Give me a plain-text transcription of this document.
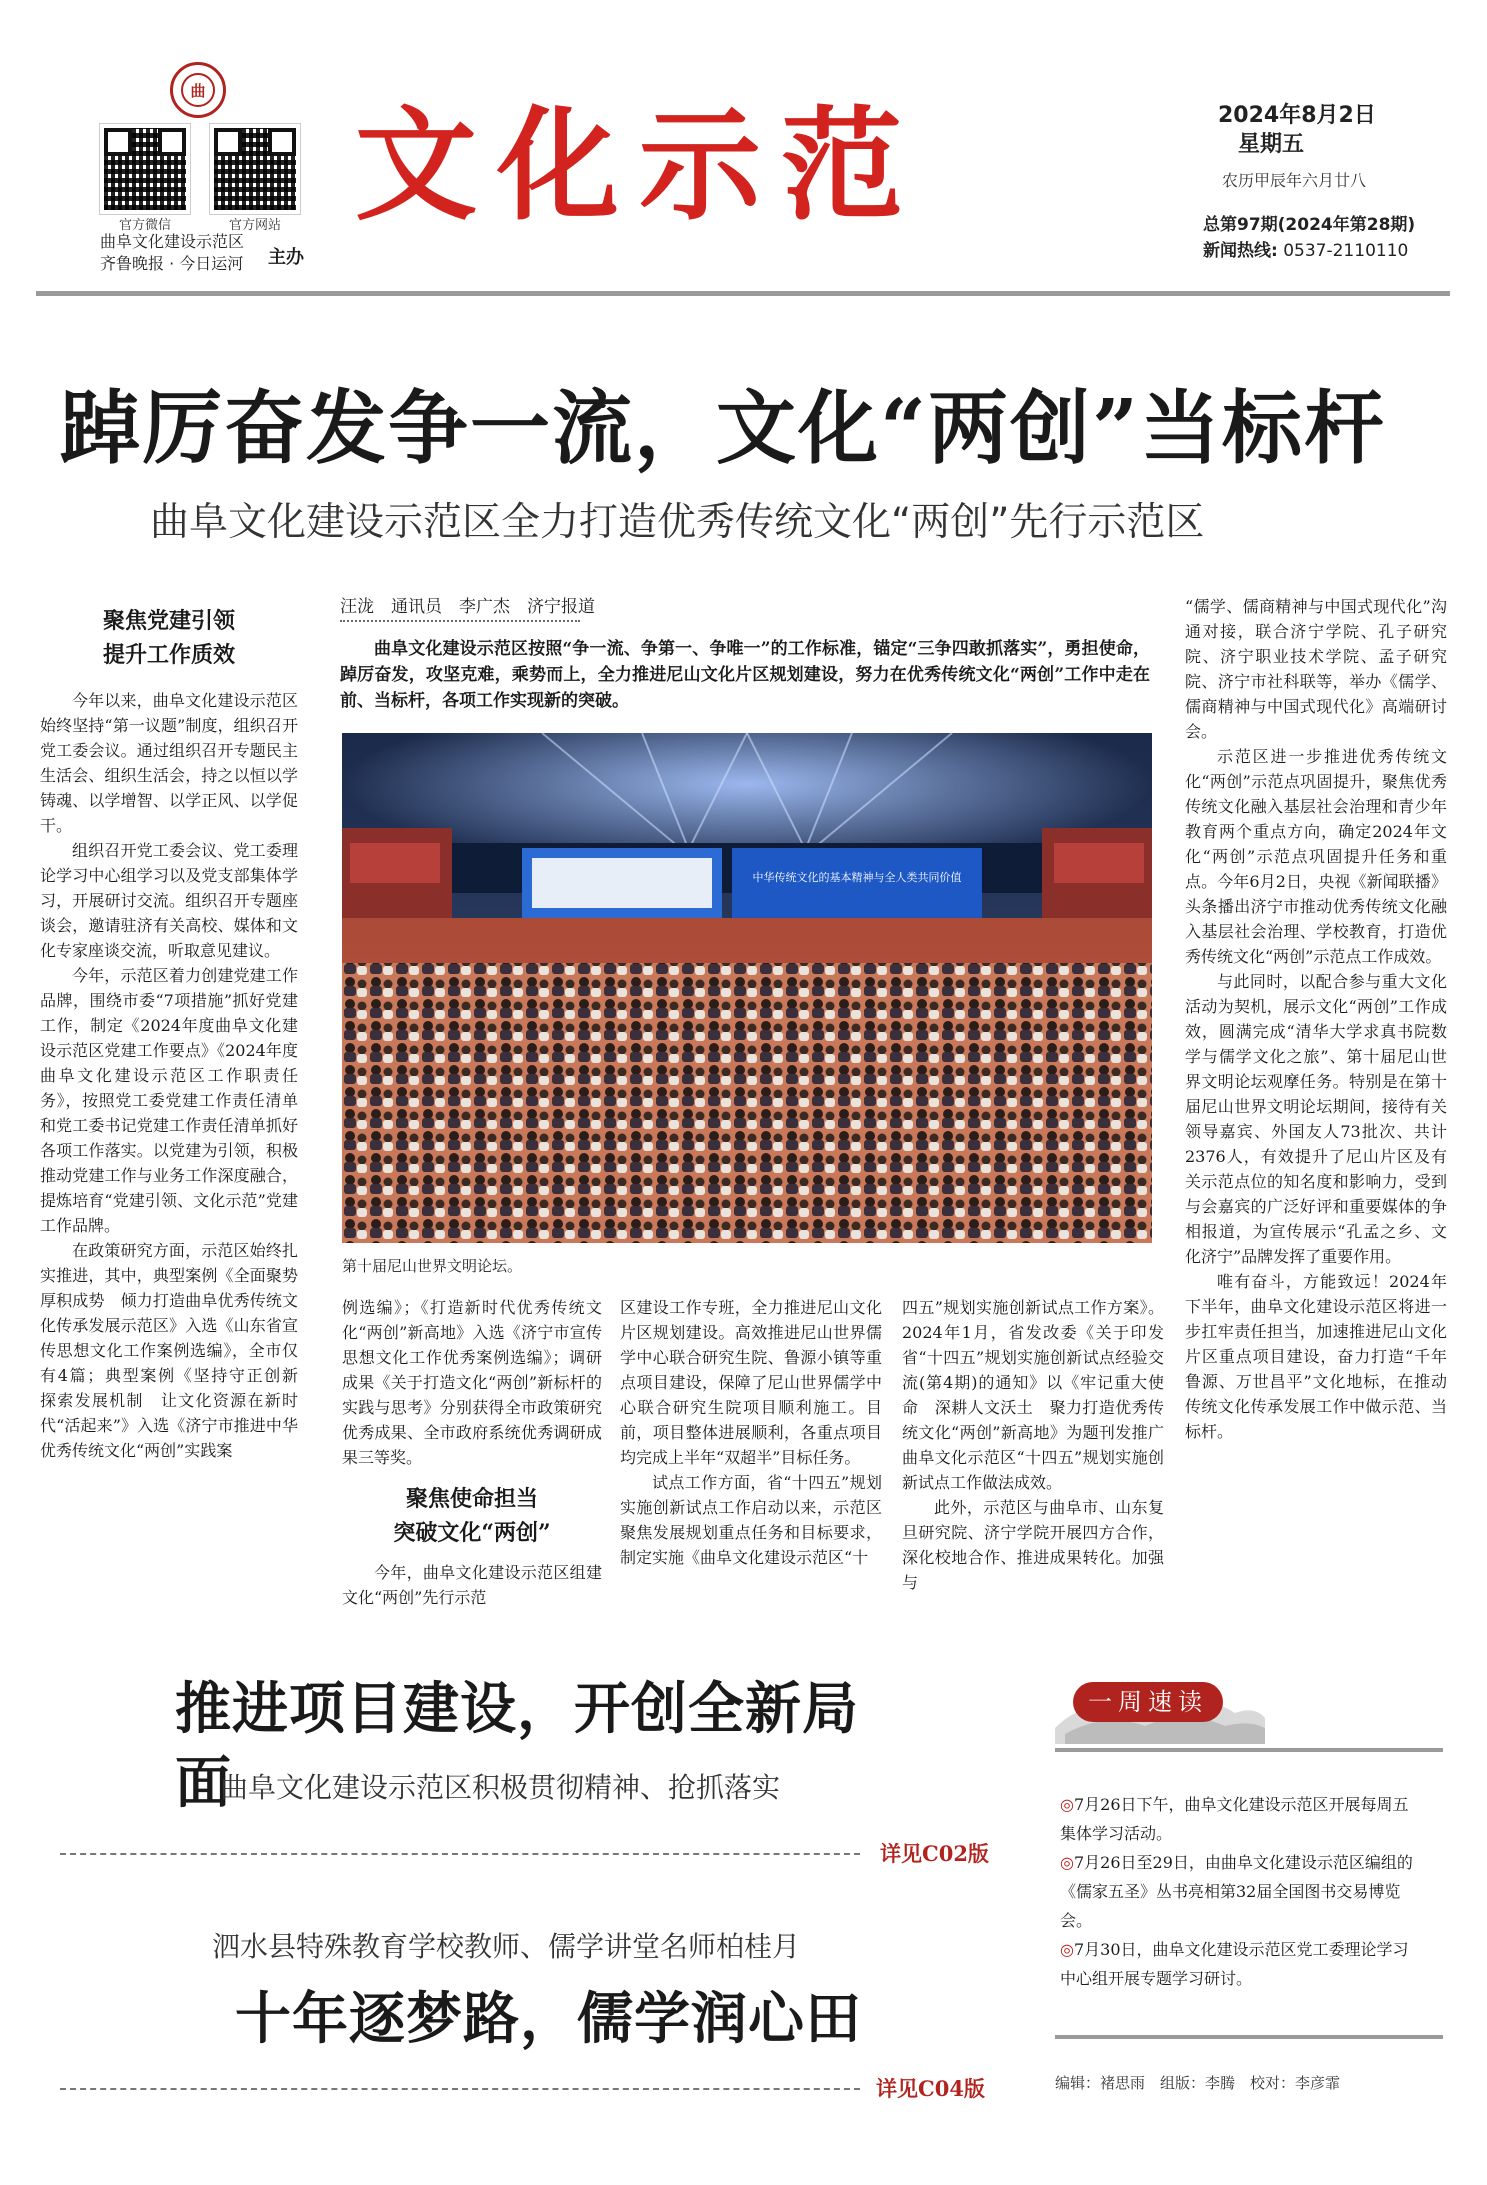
曲
官方微信	官方网站
曲阜文化建设示范区
齐鲁晚报 · 今日运河 主办
文化示范	2024年8月2日
星期五
农历甲辰年六月廿八
总第97期(2024年第28期)
新闻热线: 0537-2110110
踔厉奋发争一流，文化“两创”当标杆
曲阜文化建设示范区全力打造优秀传统文化“两创”先行示范区
聚焦党建引领
提升工作质效

今年以来，曲阜文化建设示范区始终坚持“第一议题”制度，组织召开党工委会议。通过组织召开专题民主生活会、组织生活会，持之以恒以学铸魂、以学增智、以学正风、以学促干。

组织召开党工委会议、党工委理论学习中心组学习以及党支部集体学习，开展研讨交流。组织召开专题座谈会，邀请驻济有关高校、媒体和文化专家座谈交流，听取意见建议。

今年，示范区着力创建党建工作品牌，围绕市委“7项措施”抓好党建工作，制定《2024年度曲阜文化建设示范区党建工作要点》《2024年度曲阜文化建设示范区工作职责任务》，按照党工委党建工作责任清单和党工委书记党建工作责任清单抓好各项工作落实。以党建为引领，积极推动党建工作与业务工作深度融合，提炼培育“党建引领、文化示范”党建工作品牌。

在政策研究方面，示范区始终扎实推进，其中，典型案例《全面聚势　厚积成势　倾力打造曲阜优秀传统文化传承发展示范区》入选《山东省宣传思想文化工作案例选编》，全市仅有4篇；典型案例《坚持守正创新　探索发展机制　让文化资源在新时代“活起来”》入选《济宁市推进中华优秀传统文化“两创”实践案

汪泷　通讯员　李广杰　济宁报道

曲阜文化建设示范区按照“争一流、争第一、争唯一”的工作标准，锚定“三争四敢抓落实”，勇担使命，踔厉奋发，攻坚克难，乘势而上，全力推进尼山文化片区规划建设，努力在优秀传统文化“两创”工作中走在前、当标杆，各项工作实现新的突破。

中华传统文化的基本精神与全人类共同价值
第十届尼山世界文明论坛。

例选编》；《打造新时代优秀传统文化“两创”新高地》入选《济宁市宣传思想文化工作优秀案例选编》；调研成果《关于打造文化“两创”新标杆的实践与思考》分别获得全市政策研究优秀成果、全市政府系统优秀调研成果三等奖。

聚焦使命担当
突破文化“两创”

今年，曲阜文化建设示范区组建文化“两创”先行示范

区建设工作专班，全力推进尼山文化片区规划建设。高效推进尼山世界儒学中心联合研究生院、鲁源小镇等重点项目建设，保障了尼山世界儒学中心联合研究生院项目顺利施工。目前，项目整体进展顺利，各重点项目均完成上半年“双超半”目标任务。

试点工作方面，省“十四五”规划实施创新试点工作启动以来，示范区聚焦发展规划重点任务和目标要求，制定实施《曲阜文化建设示范区“十

四五”规划实施创新试点工作方案》。2024年1月，省发改委《关于印发省“十四五”规划实施创新试点经验交流(第4期)的通知》以《牢记重大使命　深耕人文沃土　聚力打造优秀传统文化“两创”新高地》为题刊发推广曲阜文化示范区“十四五”规划实施创新试点工作做法成效。

此外，示范区与曲阜市、山东复旦研究院、济宁学院开展四方合作，深化校地合作、推进成果转化。加强与

“儒学、儒商精神与中国式现代化”沟通对接，联合济宁学院、孔子研究院、济宁职业技术学院、孟子研究院、济宁市社科联等，举办《儒学、儒商精神与中国式现代化》高端研讨会。

示范区进一步推进优秀传统文化“两创”示范点巩固提升，聚焦优秀传统文化融入基层社会治理和青少年教育两个重点方向，确定2024年文化“两创”示范点巩固提升任务和重点。今年6月2日，央视《新闻联播》头条播出济宁市推动优秀传统文化融入基层社会治理、学校教育，打造优秀传统文化“两创”示范点工作成效。

与此同时，以配合参与重大文化活动为契机，展示文化“两创”工作成效，圆满完成“清华大学求真书院数学与儒学文化之旅”、第十届尼山世界文明论坛观摩任务。特别是在第十届尼山世界文明论坛期间，接待有关领导嘉宾、外国友人73批次、共计2376人，有效提升了尼山片区及有关示范点位的知名度和影响力，受到与会嘉宾的广泛好评和重要媒体的争相报道，为宣传展示“孔孟之乡、文化济宁”品牌发挥了重要作用。

唯有奋斗，方能致远！2024年下半年，曲阜文化建设示范区将进一步扛牢责任担当，加速推进尼山文化片区重点项目建设，奋力打造“千年鲁源、万世昌平”文化地标，在推动传统文化传承发展工作中做示范、当标杆。

推进项目建设，开创全新局面
曲阜文化建设示范区积极贯彻精神、抢抓落实
详见C02版
泗水县特殊教育学校教师、儒学讲堂名师柏桂月
十年逐梦路，儒学润心田
详见C04版
一周速读
◎7月26日下午，曲阜文化建设示范区开展每周五集体学习活动。
◎7月26日至29日，由曲阜文化建设示范区编组的《儒家五圣》丛书亮相第32届全国图书交易博览会。
◎7月30日，曲阜文化建设示范区党工委理论学习中心组开展专题学习研讨。
编辑：褚思雨　组版：李腾　校对：李彦霏
